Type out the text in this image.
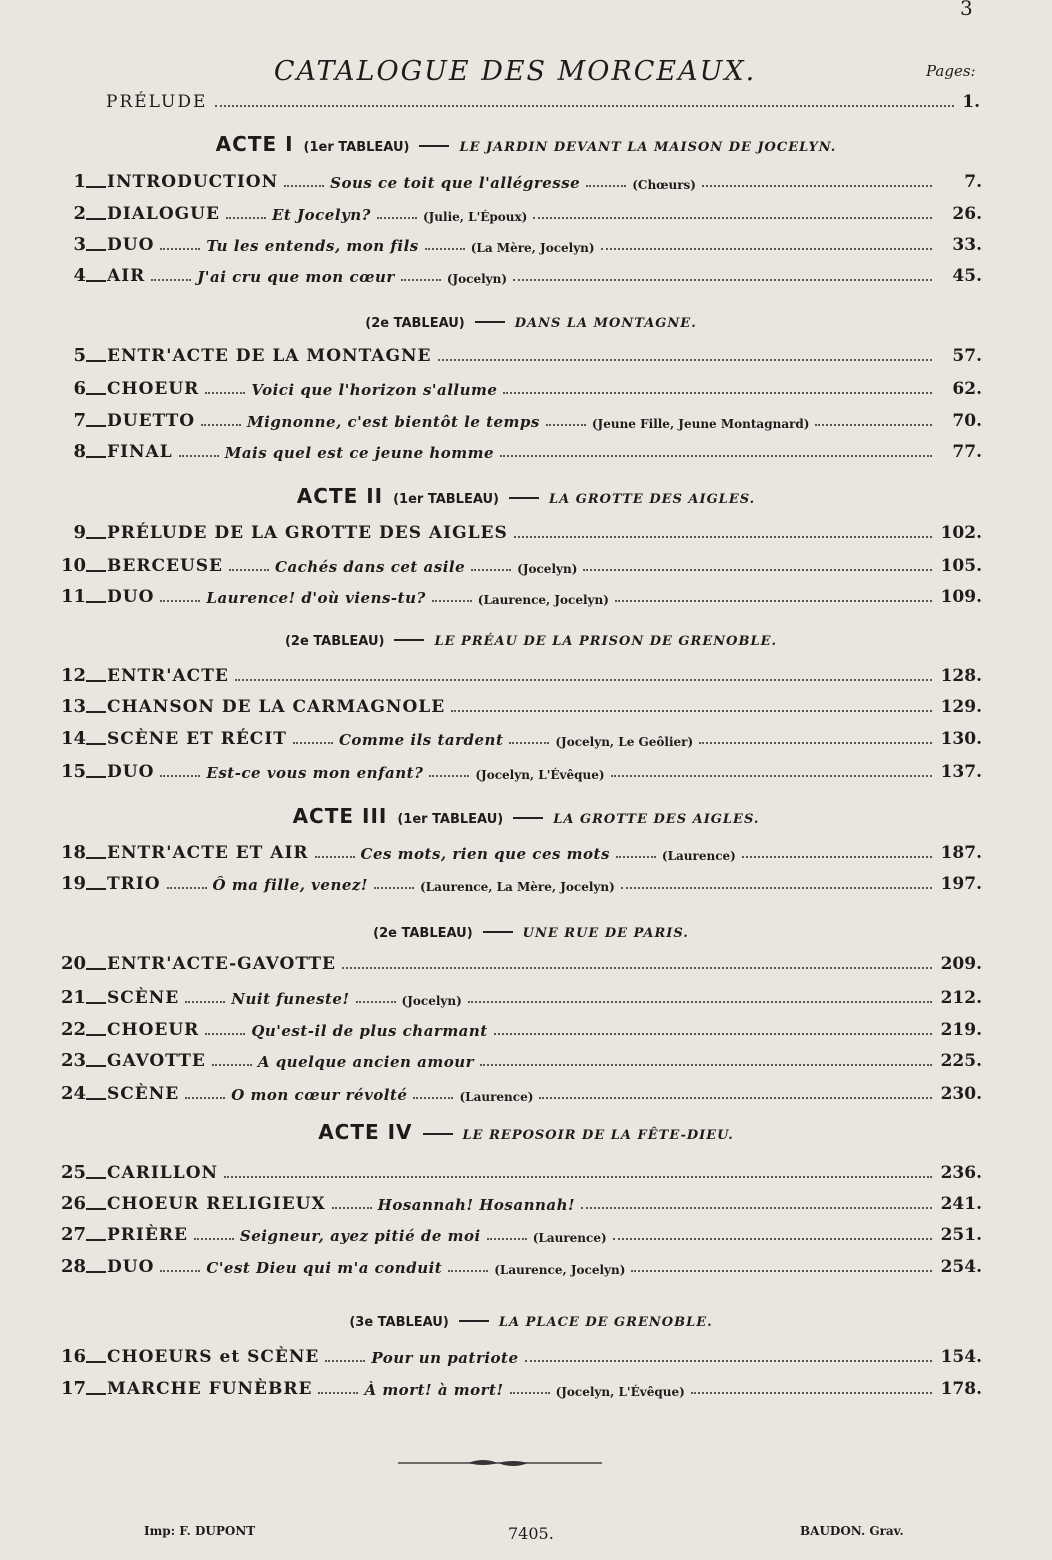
3
CATALOGUE DES MORCEAUX.	Pages:
PRÉLUDE	1.
ACTE I (1er TABLEAU)	LE JARDIN DEVANT LA MAISON DE JOCELYN.
(2e TABLEAU)	DANS LA MONTAGNE.
ACTE II (1er TABLEAU)	LA GROTTE DES AIGLES.
(2e TABLEAU)	LE PRÉAU DE LA PRISON DE GRENOBLE.
ACTE III (1er TABLEAU)	LA GROTTE DES AIGLES.
(2e TABLEAU)	UNE RUE DE PARIS.
ACTE IV	LE REPOSOIR DE LA FÊTE-DIEU.
(3e TABLEAU)	LA PLACE DE GRENOBLE.
1 INTRODUCTION	Sous ce toit que l'allégresse	(Chœurs)	7.
2 DIALOGUE	Et Jocelyn?	(Julie, L'Époux)	26.
3 DUO	Tu les entends, mon fils	(La Mère, Jocelyn)	33.
4 AIR	J'ai cru que mon cœur	(Jocelyn)	45.
5 ENTR'ACTE DE LA MONTAGNE	57.
6 CHOEUR	Voici que l'horizon s'allume	62.
7 DUETTO	Mignonne, c'est bientôt le temps	(Jeune Fille, Jeune Montagnard)	70.
8 FINAL	Mais quel est ce jeune homme	77.
9 PRÉLUDE DE LA GROTTE DES AIGLES	102.
10 BERCEUSE	Cachés dans cet asile	(Jocelyn)	105.
11 DUO	Laurence! d'où viens-tu?	(Laurence, Jocelyn)	109.
12 ENTR'ACTE	128.
13 CHANSON DE LA CARMAGNOLE	129.
14 SCÈNE ET RÉCIT	Comme ils tardent	(Jocelyn, Le Geôlier)	130.
15 DUO	Est-ce vous mon enfant?	(Jocelyn, L'Évêque)	137.
18 ENTR'ACTE ET AIR	Ces mots, rien que ces mots	(Laurence)	187.
19 TRIO	Ô ma fille, venez!	(Laurence, La Mère, Jocelyn)	197.
20 ENTR'ACTE-GAVOTTE	209.
21 SCÈNE	Nuit funeste!	(Jocelyn)	212.
22 CHOEUR	Qu'est-il de plus charmant	219.
23 GAVOTTE	A quelque ancien amour	225.
24 SCÈNE	O mon cœur révolté	(Laurence)	230.
25 CARILLON	236.
26 CHOEUR RELIGIEUX	Hosannah! Hosannah!	241.
27 PRIÈRE	Seigneur, ayez pitié de moi	(Laurence)	251.
28 DUO	C'est Dieu qui m'a conduit	(Laurence, Jocelyn)	254.
16 CHOEURS et SCÈNE	Pour un patriote	154.
17 MARCHE FUNÈBRE	À mort! à mort!	(Jocelyn, L'Évêque)	178.
Imp: F. DUPONT	7405.	BAUDON. Grav.
